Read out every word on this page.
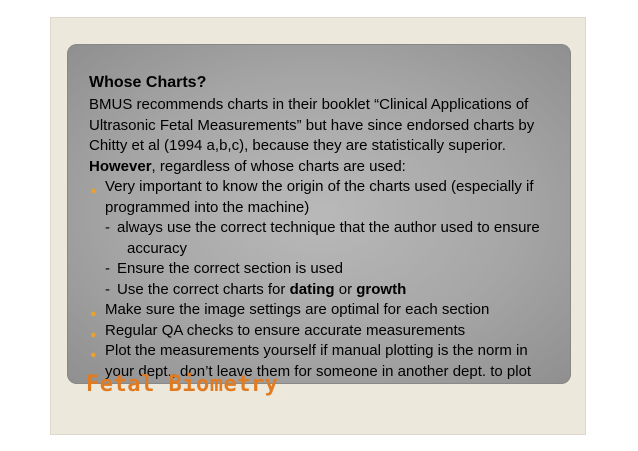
Whose Charts?

BMUS recommends charts in their booklet “Clinical Applications of Ultrasonic Fetal Measurements” but have since endorsed charts by Chitty et al (1994 a,b,c), because they are statistically superior.

However, regardless of whose charts are used:

● Very important to know the origin of the charts used (especially if
programmed into the machine)
- always use the correct technique that the author used to ensure
accuracy
- Ensure the correct section is used
- Use the correct charts for dating or growth
● Make sure the image settings are optimal for each section
● Regular QA checks to ensure accurate measurements
● Plot the measurements yourself if manual plotting is the norm in
your dept., don’t leave them for someone in another dept. to plot
Fetal Biometry
